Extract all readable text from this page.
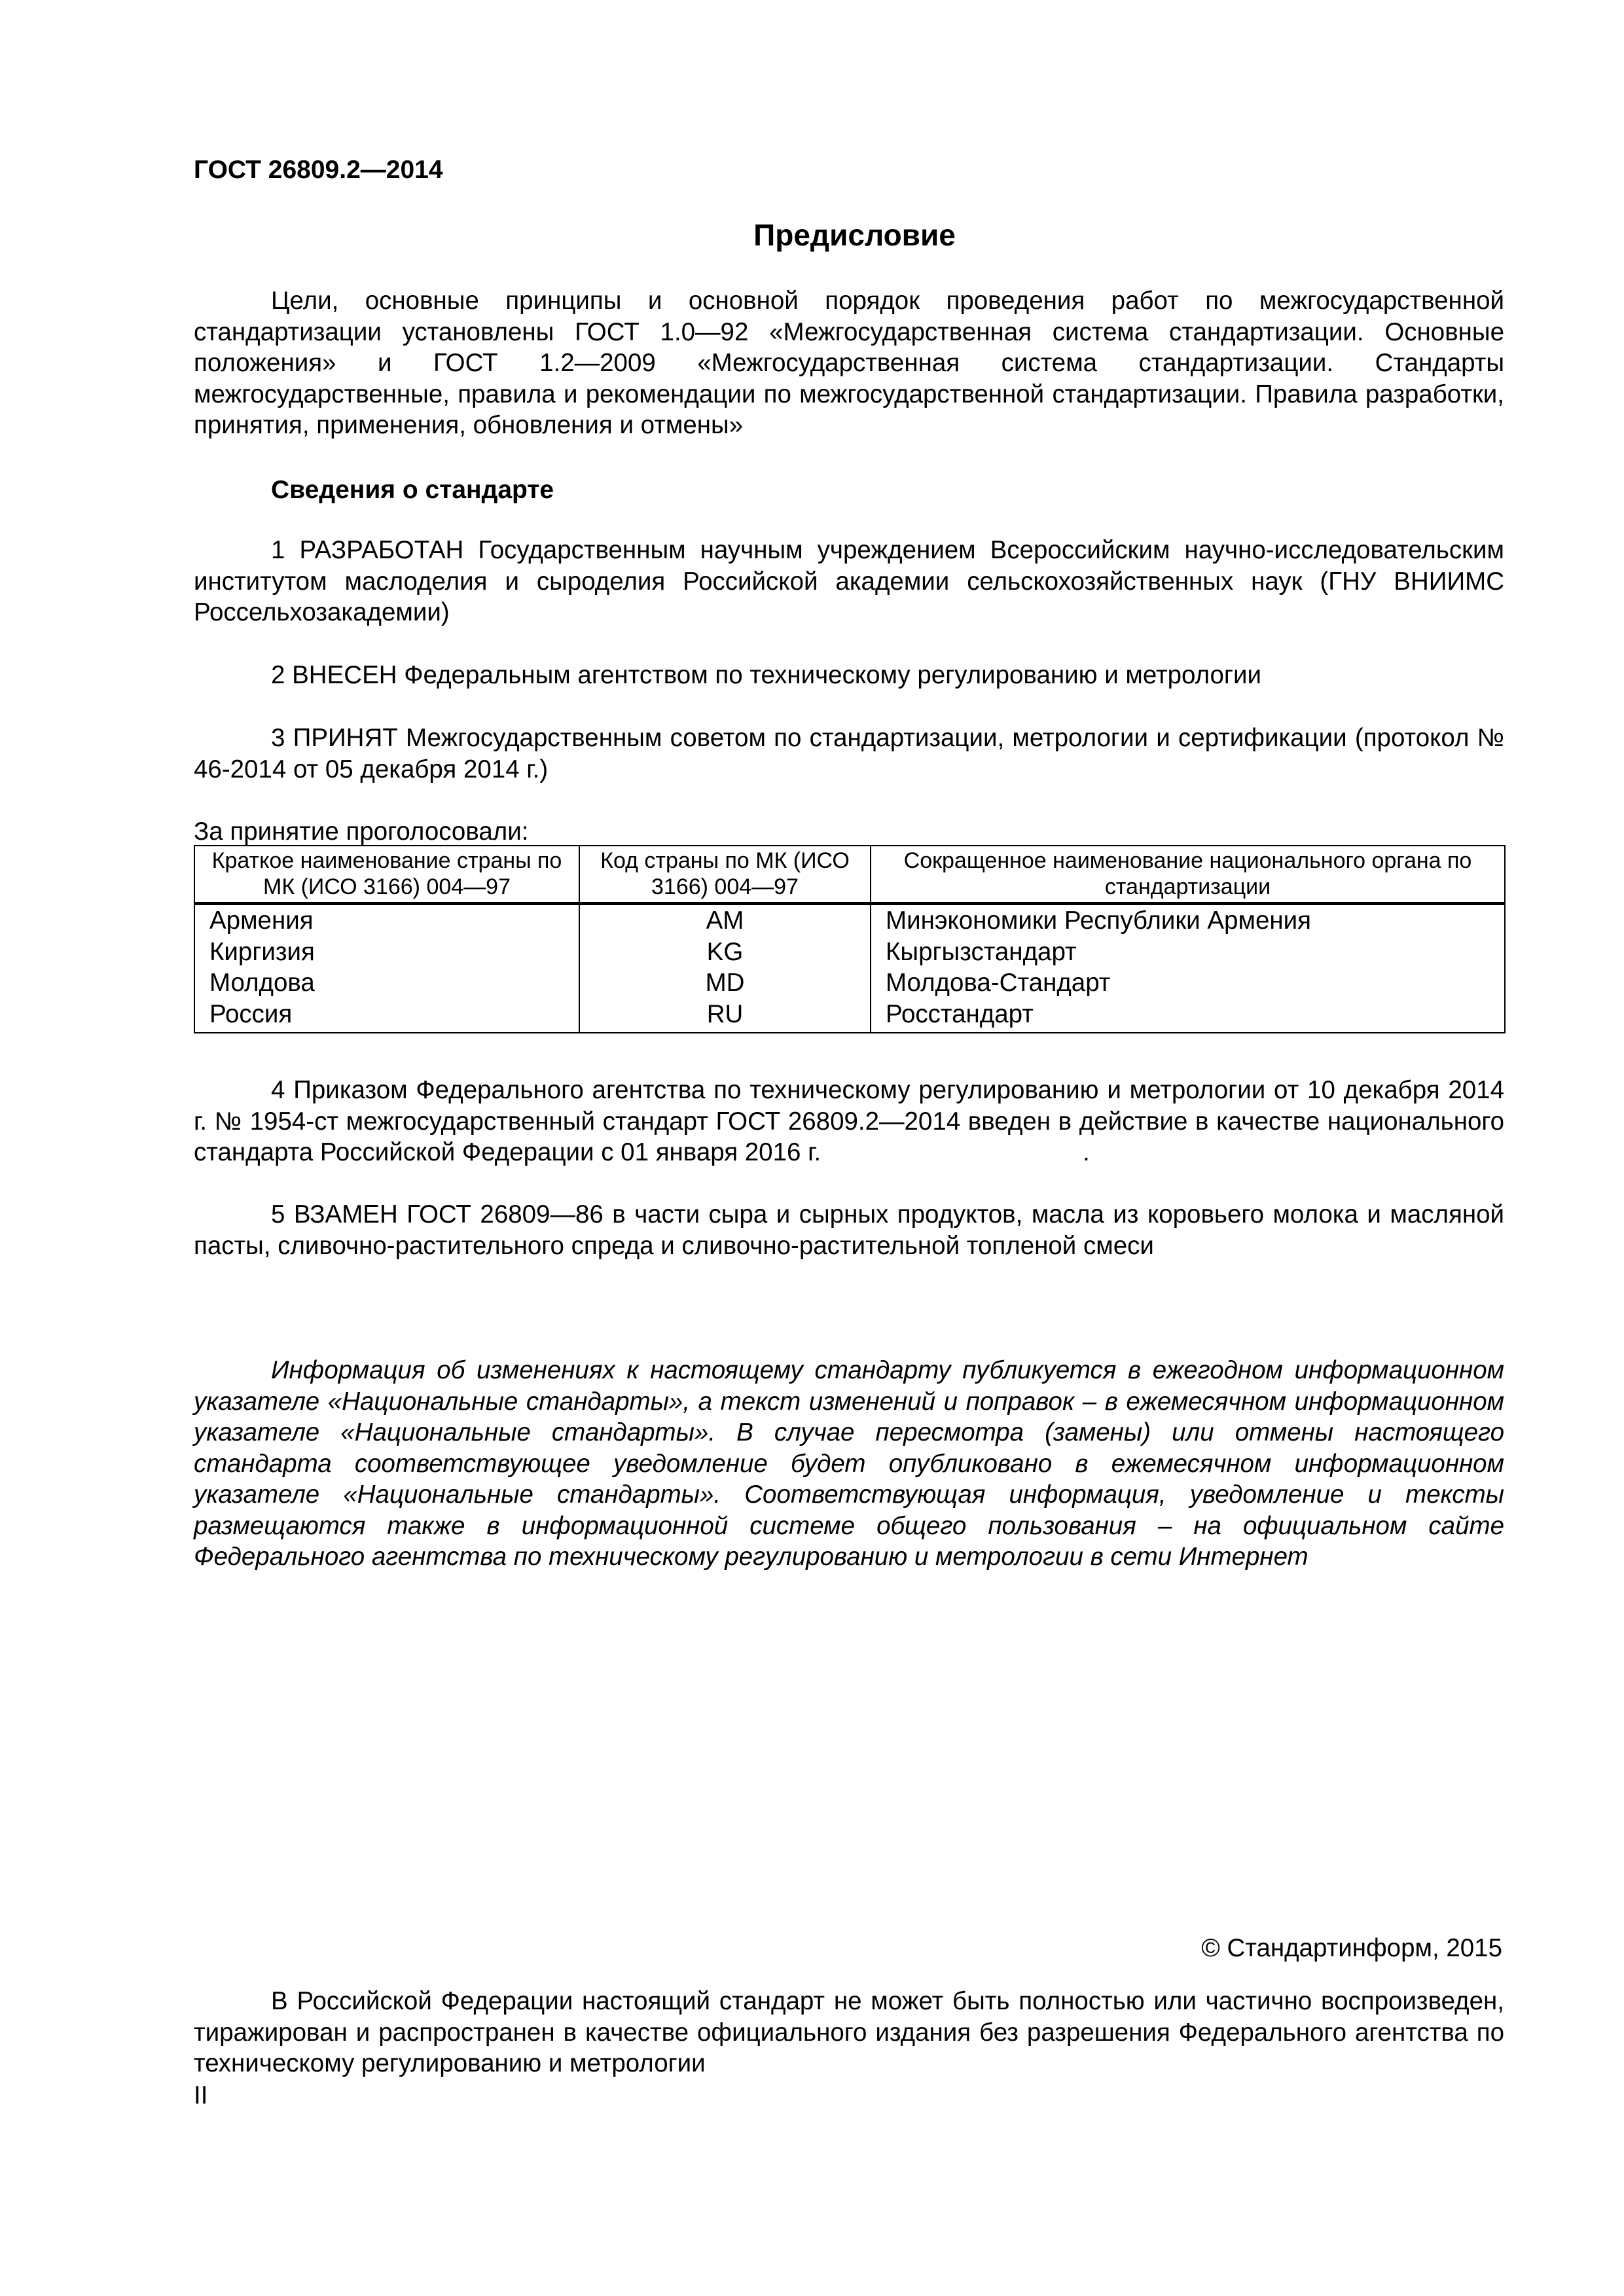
ГОСТ 26809.2—2014
Предисловие

Цели, основные принципы и основной порядок проведения работ по межгосударственной стандартизации установлены ГОСТ 1.0—92 «Межгосударственная система стандартизации. Основные положения» и ГОСТ 1.2—2009 «Межгосударственная система стандартизации. Стандарты межгосударственные, правила и рекомендации по межгосударственной стандартизации. Правила разработки, принятия, применения, обновления и отмены»

Сведения о стандарте

1 РАЗРАБОТАН Государственным научным учреждением Всероссийским научно-исследовательским институтом маслоделия и сыроделия Российской академии сельскохозяйственных наук (ГНУ ВНИИМС Россельхозакадемии)

2 ВНЕСЕН Федеральным агентством по техническому регулированию и метрологии

3 ПРИНЯТ Межгосударственным советом по стандартизации, метрологии и сертификации (протокол № 46-2014 от 05 декабря 2014 г.)

За принятие проголосовали:
Краткое наименование страны по МК (ИСО 3166) 004—97	Код страны по МК (ИСО 3166) 004—97	Сокращенное наименование национального органа по стандартизации
Армения	AM	Минэкономики Республики Армения
Киргизия	KG	Кыргызстандарт
Молдова	MD	Молдова-Стандарт
Россия	RU	Росстандарт

4 Приказом Федерального агентства по техническому регулированию и метрологии от 10 декабря 2014 г. № 1954-ст межгосударственный стандарт ГОСТ 26809.2—2014 введен в действие в качестве национального стандарта Российской Федерации с 01 января 2016 г.	.

5 ВЗАМЕН ГОСТ 26809—86 в части сыра и сырных продуктов, масла из коровьего молока и масляной пасты, сливочно-растительного спреда и сливочно-растительной топленой смеси

Информация об изменениях к настоящему стандарту публикуется в ежегодном информационном указателе «Национальные стандарты», а текст изменений и поправок – в ежемесячном информационном указателе «Национальные стандарты». В случае пересмотра (замены) или отмены настоящего стандарта соответствующее уведомление будет опубликовано в ежемесячном информационном указателе «Национальные стандарты». Соответствующая информация, уведомление и тексты размещаются также в информационной системе общего пользования – на официальном сайте Федерального агентства по техническому регулированию и метрологии в сети Интернет

© Стандартинформ, 2015

В Российской Федерации настоящий стандарт не может быть полностью или частично воспроизведен, тиражирован и распространен в качестве официального издания без разрешения Федерального агентства по техническому регулированию и метрологии

II
